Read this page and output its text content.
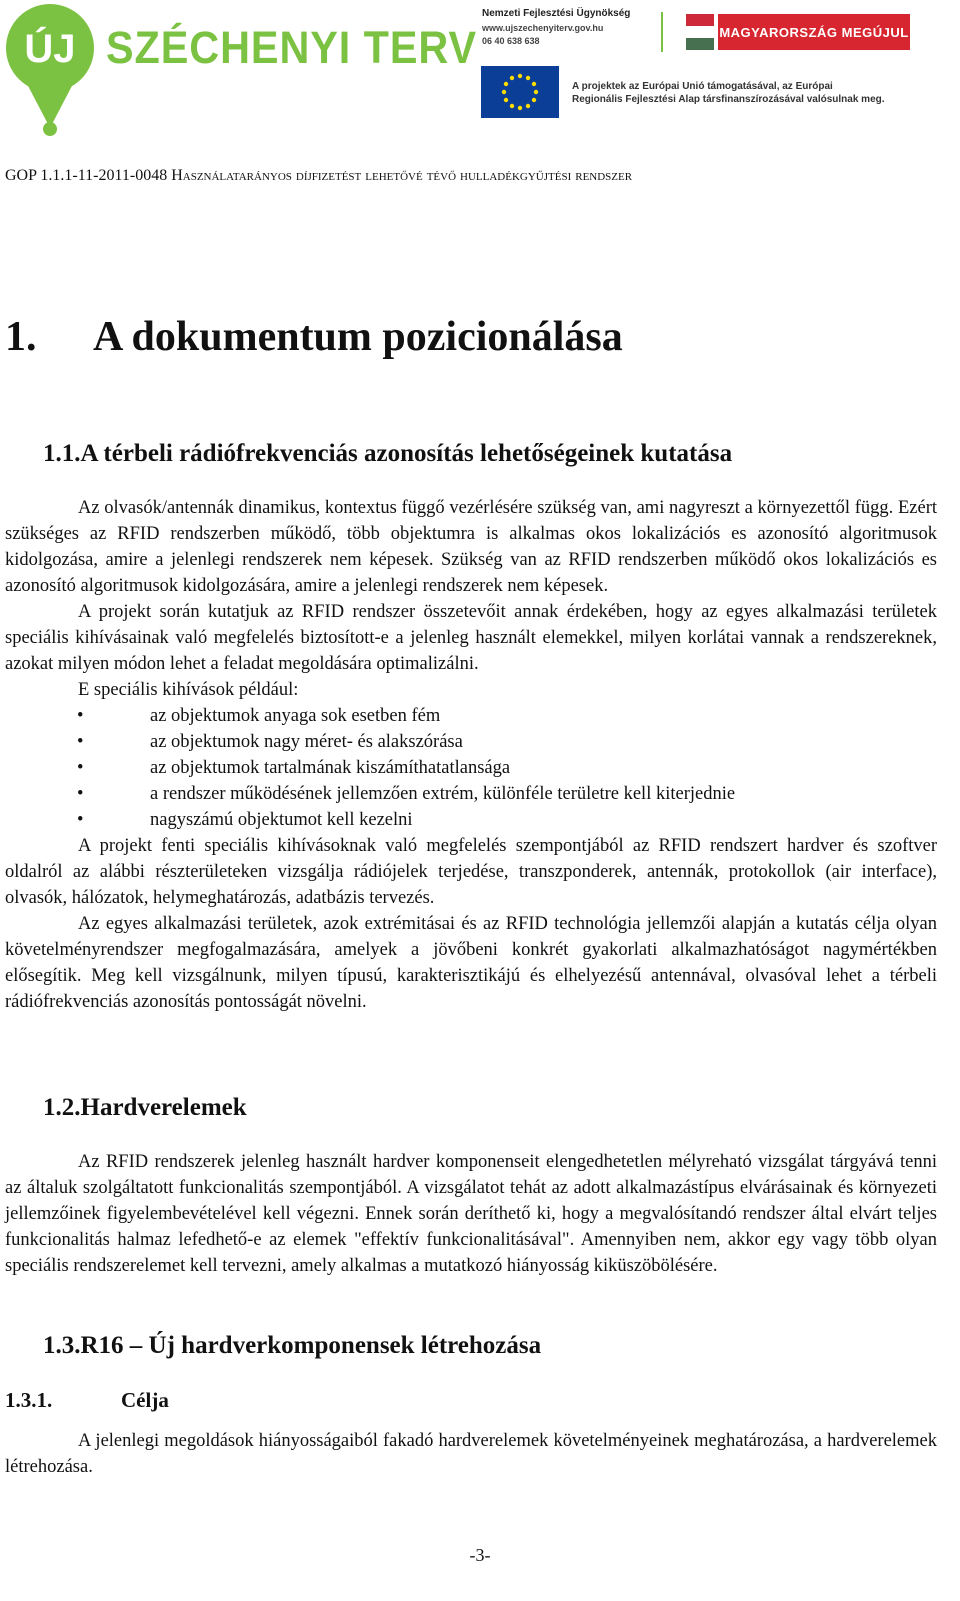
ÚJ SZÉCHENYI TERV
Nemzeti Fejlesztési Ügynökség
www.ujszechenyiterv.gov.hu
06 40 638 638
MAGYARORSZÁG MEGÚJUL
A projektek az Európai Unió támogatásával, az Európai
Regionális Fejlesztési Alap társfinanszírozásával valósulnak meg.
GOP 1.1.1-11-2011-0048 Használatarányos díjfizetést lehetővé tévő hulladékgyűjtési rendszer
1. A dokumentum pozicionálása
1.1.A térbeli rádiófrekvenciás azonosítás lehetőségeinek kutatása

Az olvasók/antennák dinamikus, kontextus függő vezérlésére szükség van, ami nagyreszt a környezettől függ. Ezért szükséges az RFID rendszerben működő, több objektumra is alkalmas okos lokalizációs es azonosító algoritmusok kidolgozása, amire a jelenlegi rendszerek nem képesek. Szükség van az RFID rendszerben működő okos lokalizációs es azonosító algoritmusok kidolgozására, amire a jelenlegi rendszerek nem képesek.

A projekt során kutatjuk az RFID rendszer összetevőit annak érdekében, hogy az egyes alkalmazási területek speciális kihívásainak való megfelelés biztosított-e a jelenleg használt elemekkel, milyen korlátai vannak a rendszereknek, azokat milyen módon lehet a feladat megoldására optimalizálni.

E speciális kihívások például:

•	az objektumok anyaga sok esetben fém
•	az objektumok nagy méret- és alakszórása
•	az objektumok tartalmának kiszámíthatatlansága
•	a rendszer működésének jellemzően extrém, különféle területre kell kiterjednie
•	nagyszámú objektumot kell kezelni

A projekt fenti speciális kihívásoknak való megfelelés szempontjából az RFID rendszert hardver és szoftver oldalról az alábbi részterületeken vizsgálja rádiójelek terjedése, transzponderek, antennák, protokollok (air interface), olvasók, hálózatok, helymeghatározás, adatbázis tervezés.

Az egyes alkalmazási területek, azok extrémitásai és az RFID technológia jellemzői alapján a kutatás célja olyan követelményrendszer megfogalmazására, amelyek a jövőbeni konkrét gyakorlati alkalmazhatóságot nagymértékben elősegítik. Meg kell vizsgálnunk, milyen típusú, karakterisztikájú és elhelyezésű antennával, olvasóval lehet a térbeli rádiófrekvenciás azonosítás pontosságát növelni.

1.2.Hardverelemek

Az RFID rendszerek jelenleg használt hardver komponenseit elengedhetetlen mélyreható vizsgálat tárgyává tenni az általuk szolgáltatott funkcionalitás szempontjából. A vizsgálatot tehát az adott alkalmazástípus elvárásainak és környezeti jellemzőinek figyelembevételével kell végezni. Ennek során deríthető ki, hogy a megvalósítandó rendszer által elvárt teljes funkcionalitás halmaz lefedhető-e az elemek "effektív funkcionalitásával". Amennyiben nem, akkor egy vagy több olyan speciális rendszerelemet kell tervezni, amely alkalmas a mutatkozó hiányosság kiküszöbölésére.

1.3.R16 – Új hardverkomponensek létrehozása
1.3.1.	Célja

A jelenlegi megoldások hiányosságaiból fakadó hardverelemek követelményeinek meghatározása, a hardverelemek létrehozása.

-3-
